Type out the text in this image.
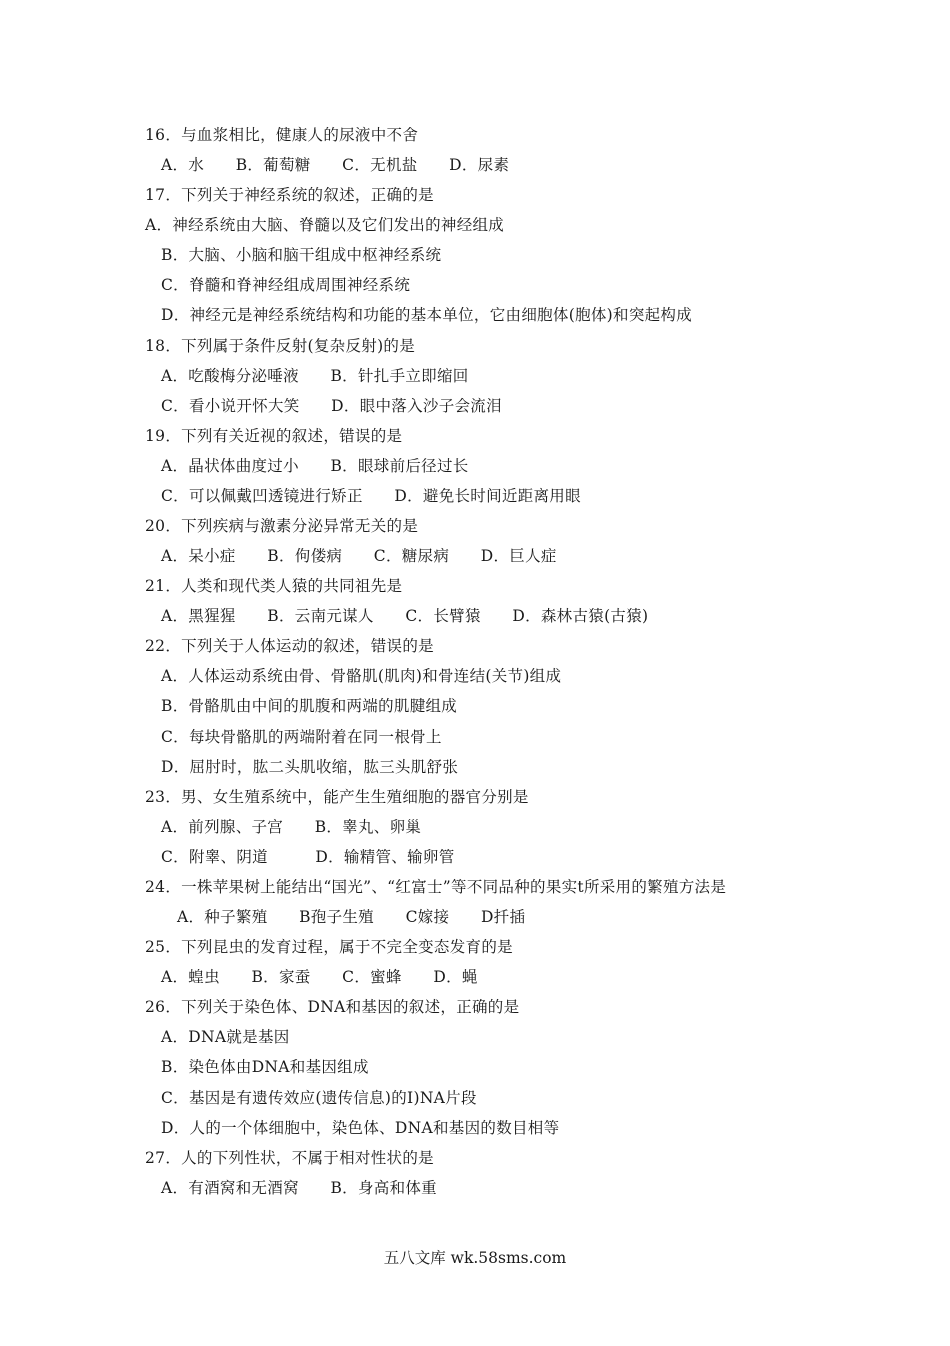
16．与血浆相比，健康人的尿液中不舍
A．水　　B．葡萄糖　　C．无机盐　　D．尿素
17．下列关于神经系统的叙述，正确的是
A．神经系统由大脑、脊髓以及它们发出的神经组成
B．大脑、小脑和脑干组成中枢神经系统
C．脊髓和脊神经组成周围神经系统
D．神经元是神经系统结构和功能的基本单位，它由细胞体(胞体)和突起构成
18．下列属于条件反射(复杂反射)的是
A．吃酸梅分泌唾液　　B．针扎手立即缩回
C．看小说开怀大笑　　D．眼中落入沙子会流泪
19．下列有关近视的叙述，错误的是
A．晶状体曲度过小　　B．眼球前后径过长
C．可以佩戴凹透镜进行矫正　　D．避免长时间近距离用眼
20．下列疾病与激素分泌异常无关的是
A．呆小症　　B．佝偻病　　C．糖尿病　　D．巨人症
21．人类和现代类人猿的共同祖先是
A．黑猩猩　　B．云南元谋人　　C．长臂猿　　D．森林古猿(古猿)
22．下列关于人体运动的叙述，错误的是
A．人体运动系统由骨、骨骼肌(肌肉)和骨连结(关节)组成
B．骨骼肌由中间的肌腹和两端的肌腱组成
C．每块骨骼肌的两端附着在同一根骨上
D．屈肘时，肱二头肌收缩，肱三头肌舒张
23．男、女生殖系统中，能产生生殖细胞的器官分别是
A．前列腺、子宫　　B．睾丸、卵巢
C．附睾、阴道　　　D．输精管、输卵管
24．一株苹果树上能结出“国光”、“红富士”等不同品种的果实t所采用的繁殖方法是
A．种子繁殖　　B孢子生殖　　C嫁接　　D扦插
25．下列昆虫的发育过程，属于不完全变态发育的是
A．蝗虫　　B．家蚕　　C．蜜蜂　　D．蝇
26．下列关于染色体、DNA和基因的叙述，正确的是
A．DNA就是基因
B．染色体由DNA和基因组成
C．基因是有遗传效应(遗传信息)的I)NA片段
D．人的一个体细胞中，染色体、DNA和基因的数目相等
27．人的下列性状，不属于相对性状的是
A．有酒窝和无酒窝　　B．身高和体重
五八文库 wk.58sms.com
